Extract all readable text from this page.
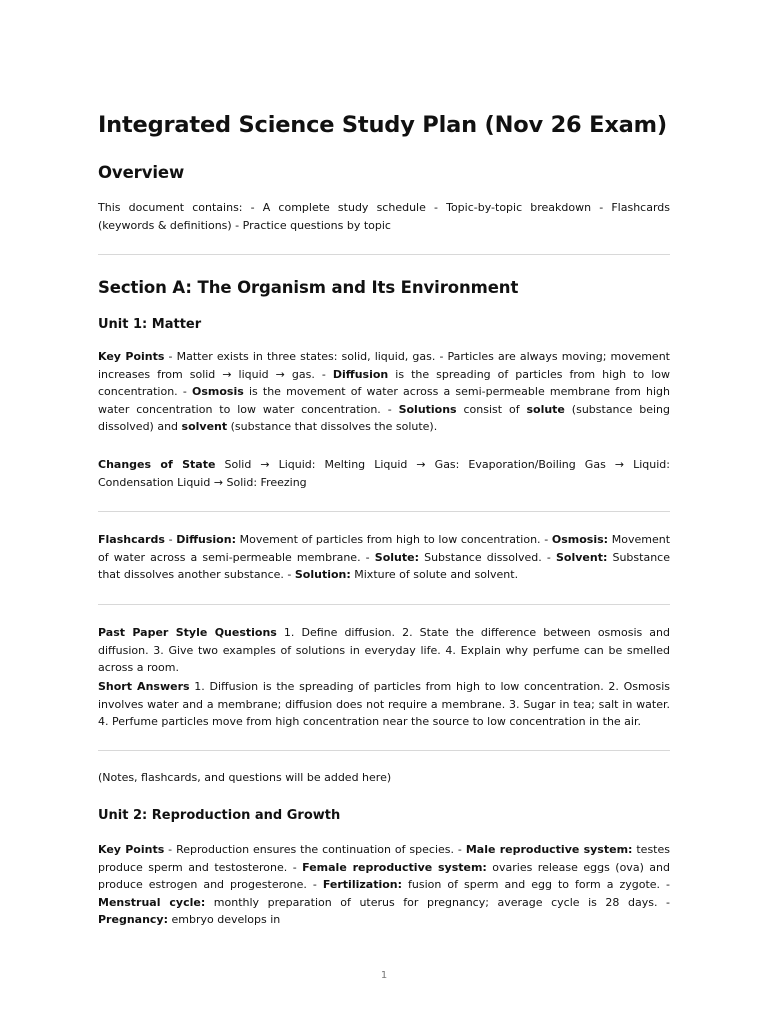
Integrated Science Study Plan (Nov 26 Exam)
Overview

This document contains: - A complete study schedule - Topic-by-topic breakdown - Flashcards (keywords & definitions) - Practice questions by topic

Section A: The Organism and Its Environment
Unit 1: Matter

Key Points - Matter exists in three states: solid, liquid, gas. - Particles are always moving; movement increases from solid → liquid → gas. - Diffusion is the spreading of particles from high to low concentration. - Osmosis is the movement of water across a semi-permeable membrane from high water concentration to low water concentration. - Solutions consist of solute (substance being dissolved) and solvent (substance that dissolves the solute).

Changes of State Solid → Liquid: Melting Liquid → Gas: Evaporation/Boiling Gas → Liquid: Condensation Liquid → Solid: Freezing

Flashcards - Diffusion: Movement of particles from high to low concentration. - Osmosis: Movement of water across a semi-permeable membrane. - Solute: Substance dissolved. - Solvent: Substance that dissolves another substance. - Solution: Mixture of solute and solvent.

Past Paper Style Questions 1. Define diffusion. 2. State the difference between osmosis and diffusion. 3. Give two examples of solutions in everyday life. 4. Explain why perfume can be smelled across a room.

Short Answers 1. Diffusion is the spreading of particles from high to low concentration. 2. Osmosis involves water and a membrane; diffusion does not require a membrane. 3. Sugar in tea; salt in water. 4. Perfume particles move from high concentration near the source to low concentration in the air.

(Notes, flashcards, and questions will be added here)

Unit 2: Reproduction and Growth

Key Points - Reproduction ensures the continuation of species. - Male reproductive system: testes produce sperm and testosterone. - Female reproductive system: ovaries release eggs (ova) and produce estrogen and progesterone. - Fertilization: fusion of sperm and egg to form a zygote. - Menstrual cycle: monthly preparation of uterus for pregnancy; average cycle is 28 days. - Pregnancy: embryo develops in

1
